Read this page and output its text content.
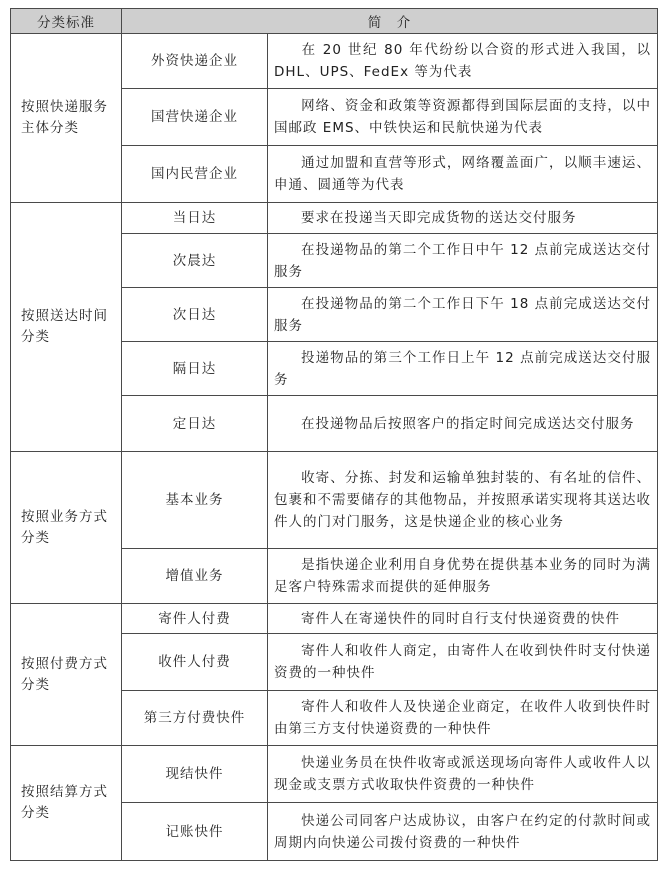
分类标准	简　介	
按照快递服务主体分类	外资快递企业	在 20 世纪 80 年代纷纷以合资的形式进入我国，以 DHL、UPS、FedEx 等为代表
	国营快递企业	网络、资金和政策等资源都得到国际层面的支持，以中国邮政 EMS、中铁快运和民航快递为代表
	国内民营企业	通过加盟和直营等形式，网络覆盖面广，以顺丰速运、申通、圆通等为代表
按照送达时间分类	当日达	要求在投递当天即完成货物的送达交付服务
	次晨达	在投递物品的第二个工作日中午 12 点前完成送达交付服务
	次日达	在投递物品的第二个工作日下午 18 点前完成送达交付服务
	隔日达	投递物品的第三个工作日上午 12 点前完成送达交付服务
	定日达	在投递物品后按照客户的指定时间完成送达交付服务
按照业务方式分类	基本业务	收寄、分拣、封发和运输单独封装的、有名址的信件、包裹和不需要储存的其他物品，并按照承诺实现将其送达收件人的门对门服务，这是快递企业的核心业务
	增值业务	是指快递企业利用自身优势在提供基本业务的同时为满足客户特殊需求而提供的延伸服务
按照付费方式分类	寄件人付费	寄件人在寄递快件的同时自行支付快递资费的快件
	收件人付费	寄件人和收件人商定，由寄件人在收到快件时支付快递资费的一种快件
	第三方付费快件	寄件人和收件人及快递企业商定，在收件人收到快件时由第三方支付快递资费的一种快件
按照结算方式分类	现结快件	快递业务员在快件收寄或派送现场向寄件人或收件人以现金或支票方式收取快件资费的一种快件
	记账快件	快递公司同客户达成协议，由客户在约定的付款时间或周期内向快递公司拨付资费的一种快件
